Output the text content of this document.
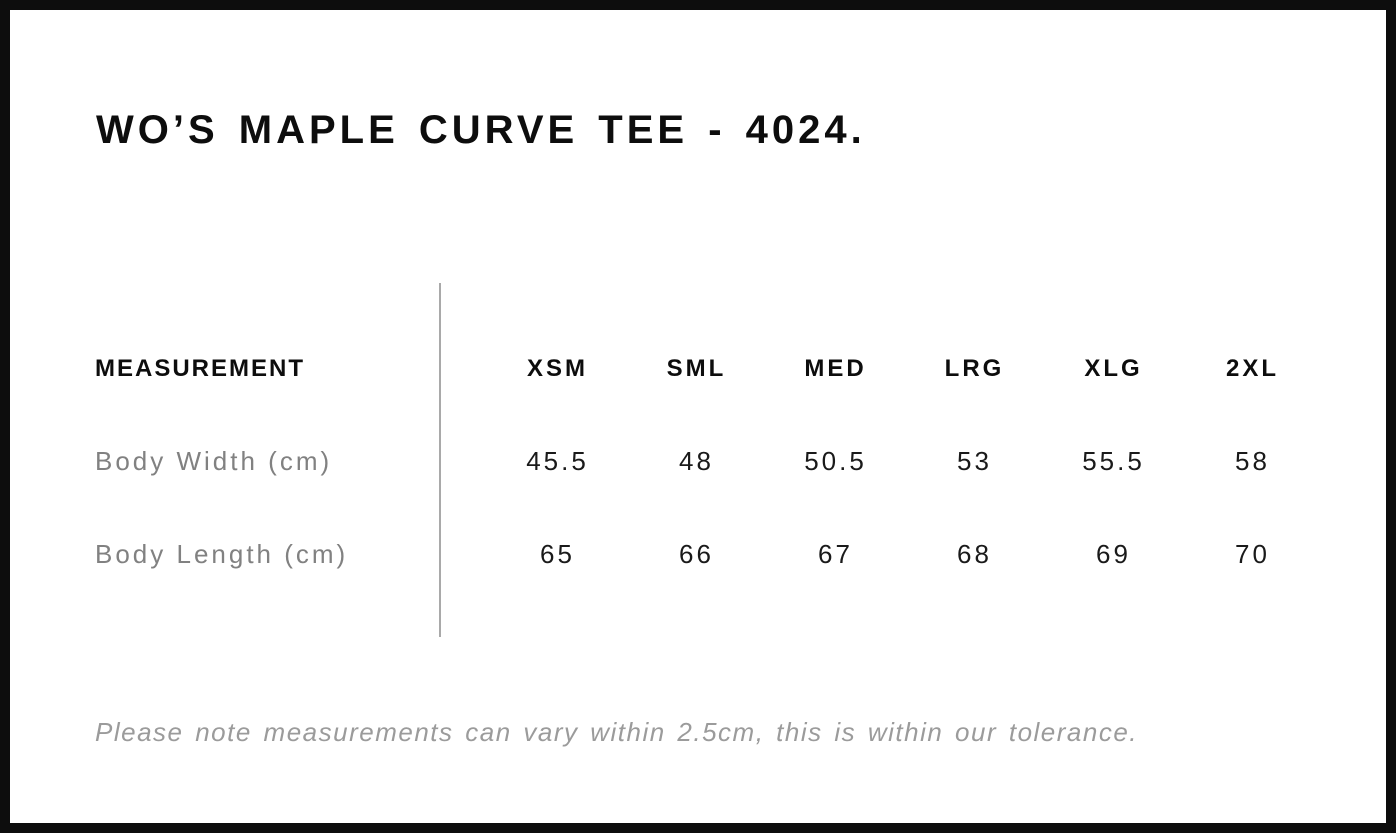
WO’S MAPLE CURVE TEE - 4024.
MEASUREMENT	XSM	SML	MED	LRG	XLG	2XL
Body Width (cm)	45.5	48	50.5	53	55.5	58
Body Length (cm)	65	66	67	68	69	70
Please note measurements can vary within 2.5cm, this is within our tolerance.
